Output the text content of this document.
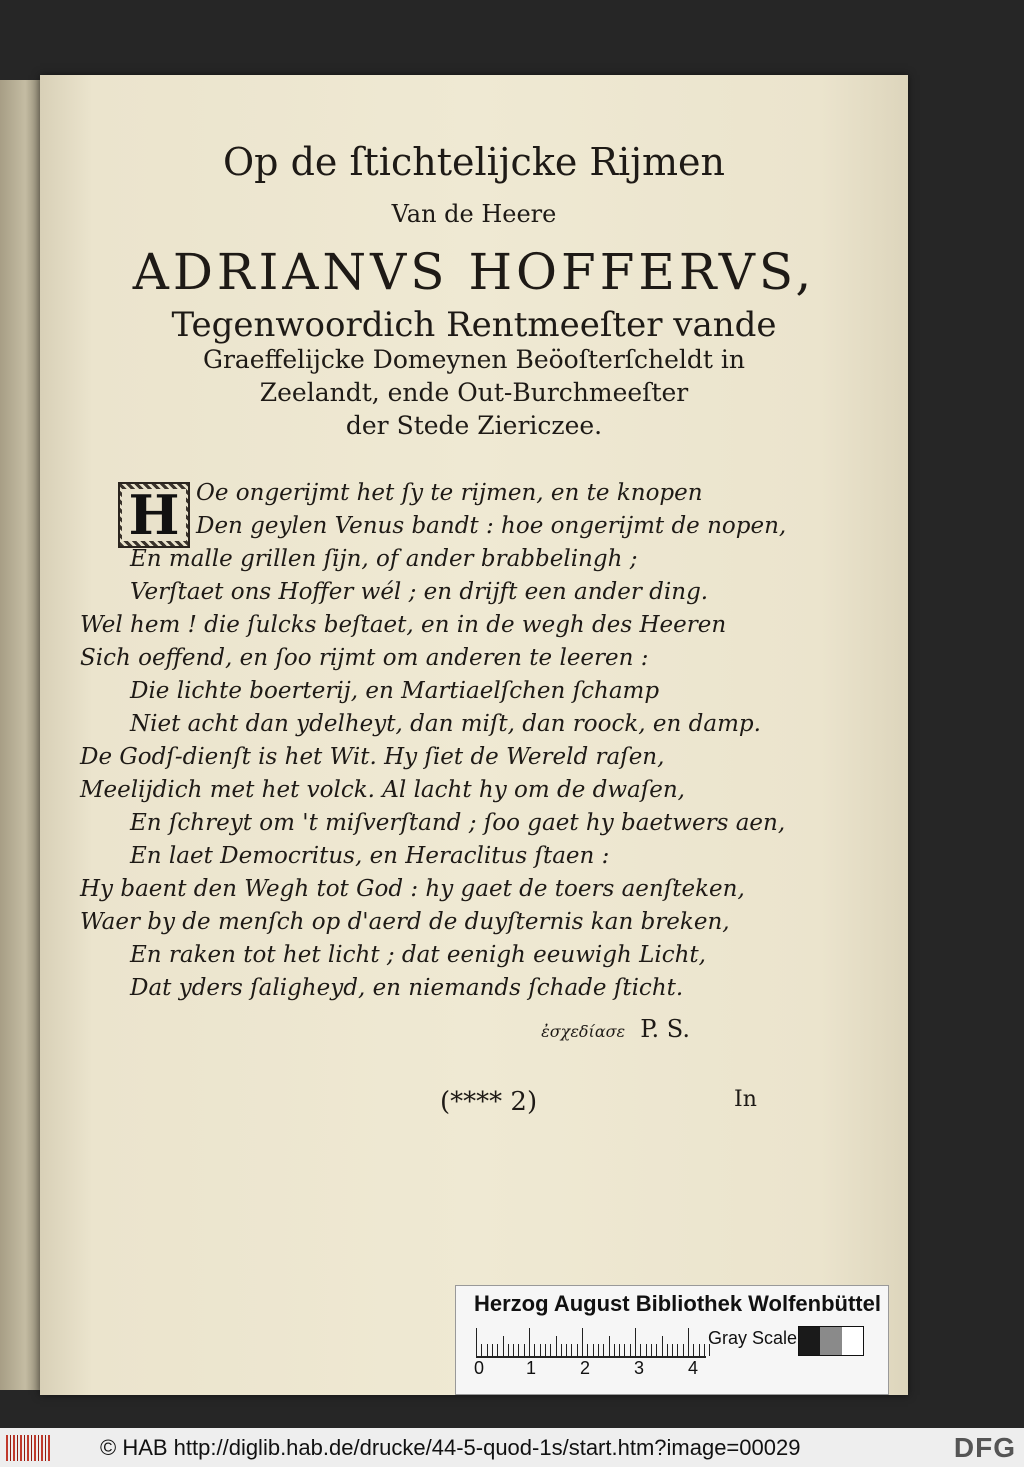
Op de ſtichtelijcke Rijmen
Van de Heere
ADRIANVS HOFFERVS,
Tegenwoordich Rentmeeſter vande
Graeffelijcke Domeynen Beöoſterſcheldt in
Zeelandt, ende Out-Burchmeeſter
der Stede Ziericzee.
H Oe ongerijmt het ſy te rijmen, en te knopen
Den geylen Venus bandt : hoe ongerijmt de nopen,
En malle grillen ſijn, of ander brabbelingh ;
Verſtaet ons Hoffer wél ; en drijft een ander ding.
Wel hem ! die ſulcks beſtaet, en in de wegh des Heeren
Sich oeffend, en ſoo rijmt om anderen te leeren :
Die lichte boerterij, en Martiaelſchen ſchamp
Niet acht dan ydelheyt, dan miſt, dan roock, en damp.
De Godſ-dienſt is het Wit. Hy ſiet de Wereld raſen,
Meelijdich met het volck. Al lacht hy om de dwaſen,
En ſchreyt om 't miſverſtand ; ſoo gaet hy baetwers aen,
En laet Democritus, en Heraclitus ſtaen :
Hy baent den Wegh tot God : hy gaet de toers aenſteken,
Waer by de menſch op d'aerd de duyſternis kan breken,
En raken tot het licht ; dat eenigh eeuwigh Licht,
Dat yders ſaligheyd, en niemands ſchade ſticht.
ἐσχεδίασε P. S.
(**** 2)	In
Herzog August Bibliothek Wolfenbüttel
0 1 2 3 4
Gray Scale
© HAB http://diglib.hab.de/drucke/44-5-quod-1s/start.htm?image=00029	DFG
